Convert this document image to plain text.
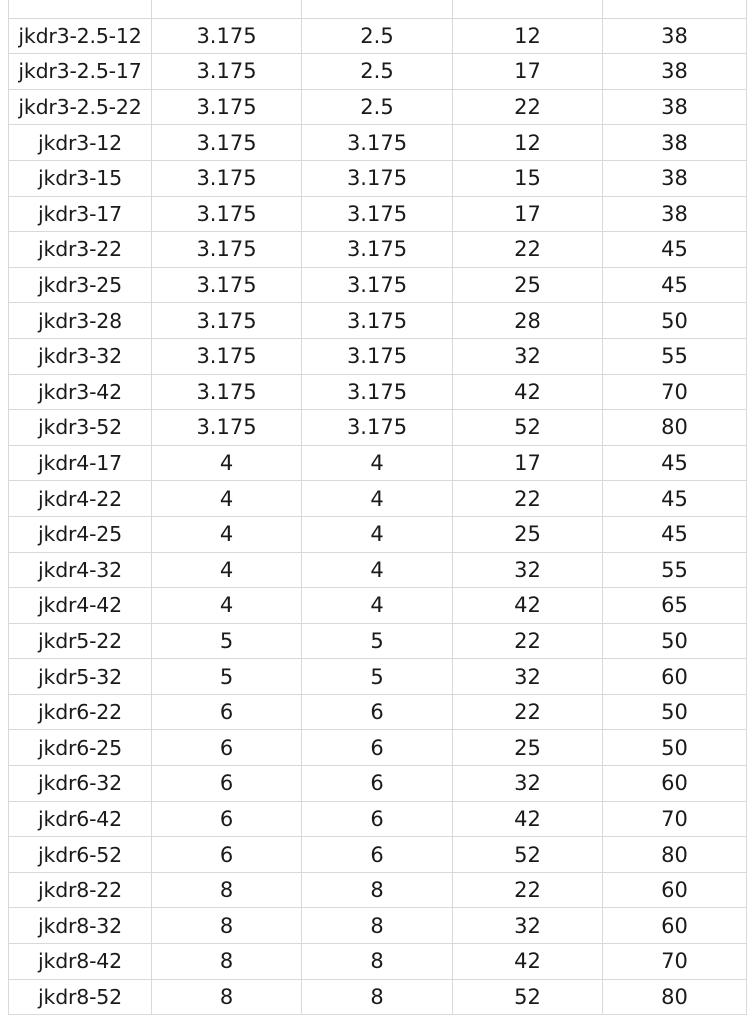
jkdr3-2.5-12	3.175	2.5	12	38
jkdr3-2.5-17	3.175	2.5	17	38
jkdr3-2.5-22	3.175	2.5	22	38
jkdr3-12	3.175	3.175	12	38
jkdr3-15	3.175	3.175	15	38
jkdr3-17	3.175	3.175	17	38
jkdr3-22	3.175	3.175	22	45
jkdr3-25	3.175	3.175	25	45
jkdr3-28	3.175	3.175	28	50
jkdr3-32	3.175	3.175	32	55
jkdr3-42	3.175	3.175	42	70
jkdr3-52	3.175	3.175	52	80
jkdr4-17	4	4	17	45
jkdr4-22	4	4	22	45
jkdr4-25	4	4	25	45
jkdr4-32	4	4	32	55
jkdr4-42	4	4	42	65
jkdr5-22	5	5	22	50
jkdr5-32	5	5	32	60
jkdr6-22	6	6	22	50
jkdr6-25	6	6	25	50
jkdr6-32	6	6	32	60
jkdr6-42	6	6	42	70
jkdr6-52	6	6	52	80
jkdr8-22	8	8	22	60
jkdr8-32	8	8	32	60
jkdr8-42	8	8	42	70
jkdr8-52	8	8	52	80
